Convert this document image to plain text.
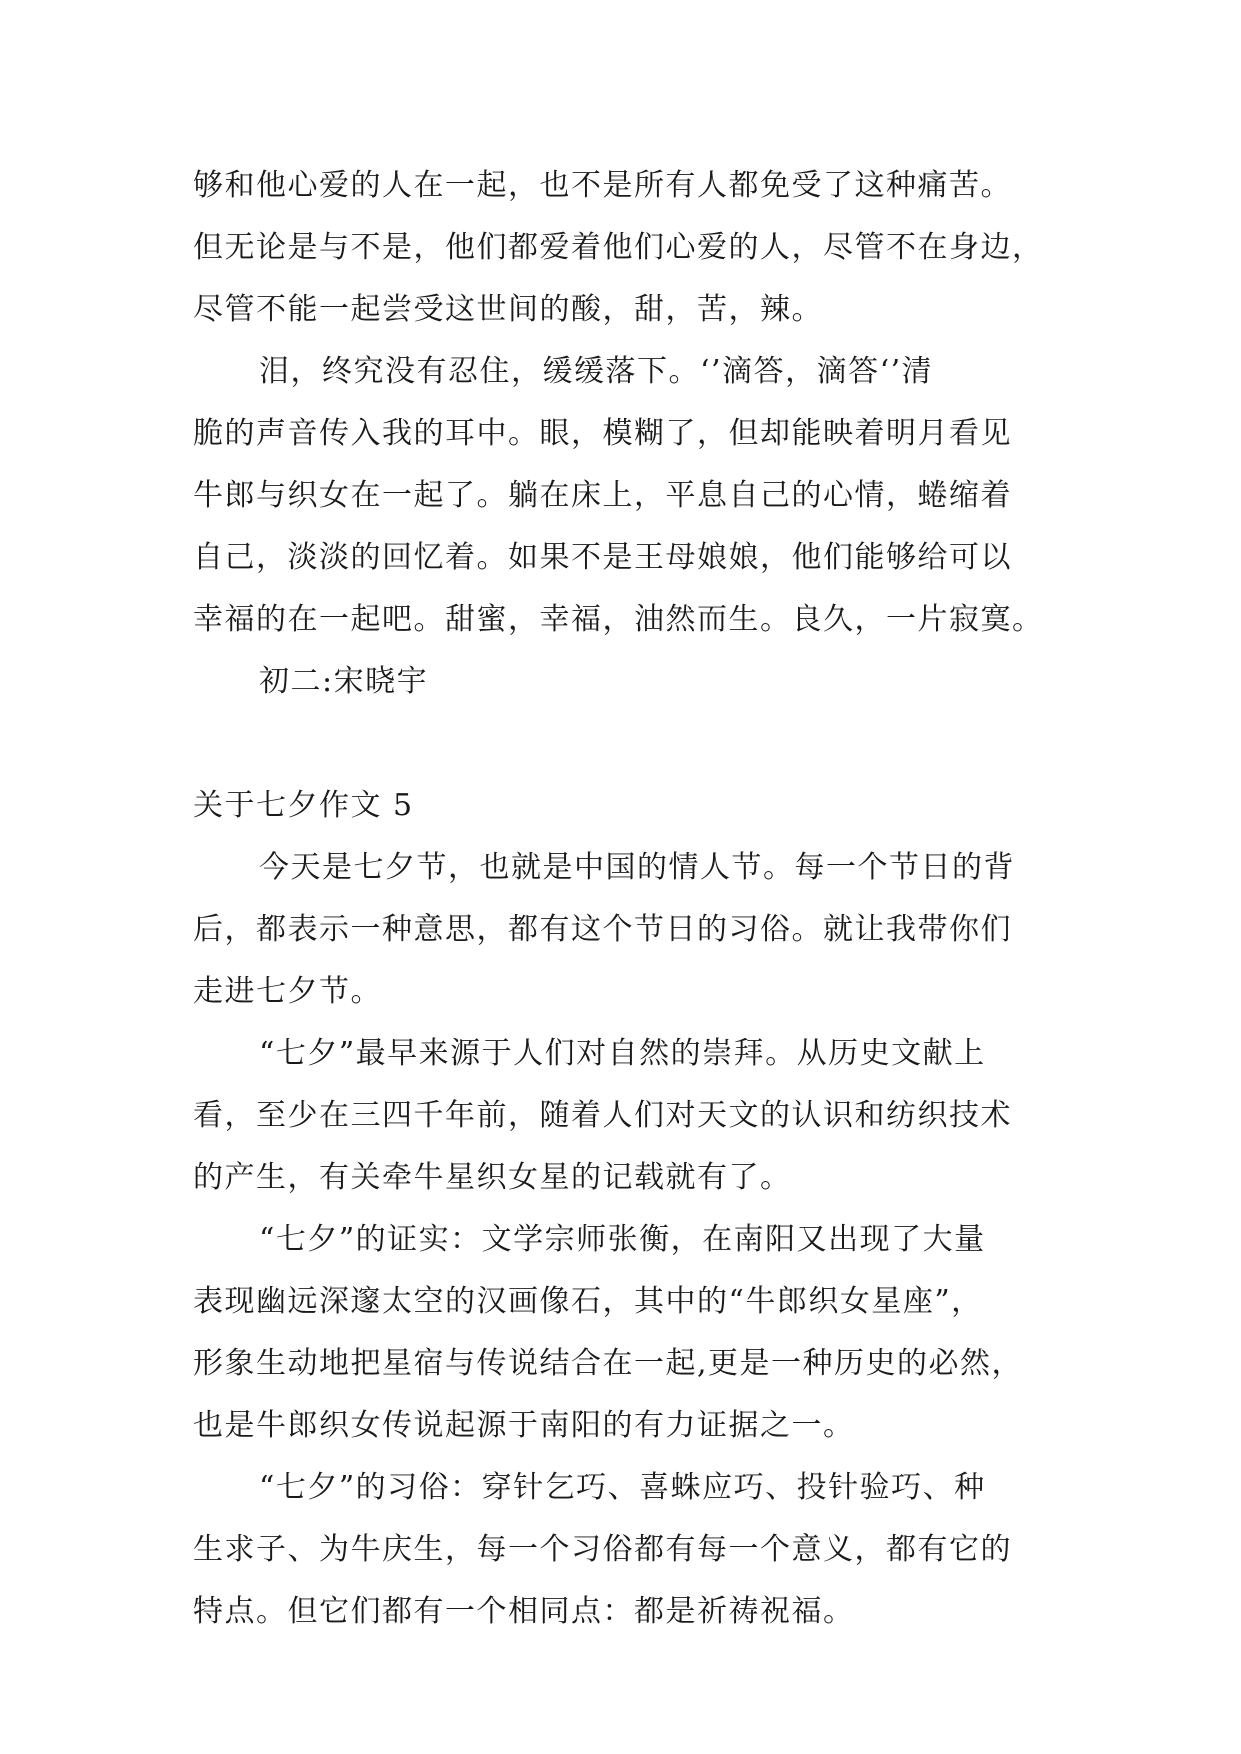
够和他心爱的人在一起，也不是所有人都免受了这种痛苦。
但无论是与不是，他们都爱着他们心爱的人，尽管不在身边，
尽管不能一起尝受这世间的酸，甜，苦，辣。
泪，终究没有忍住，缓缓落下。‘’滴答，滴答‘’清
脆的声音传入我的耳中。眼，模糊了，但却能映着明月看见
牛郎与织女在一起了。躺在床上，平息自己的心情，蜷缩着
自己，淡淡的回忆着。如果不是王母娘娘，他们能够给可以
幸福的在一起吧。甜蜜，幸福，油然而生。良久，一片寂寞。
初二:宋晓宇
关于七夕作文 5
今天是七夕节，也就是中国的情人节。每一个节日的背
后，都表示一种意思，都有这个节日的习俗。就让我带你们
走进七夕节。
“七夕”最早来源于人们对自然的崇拜。从历史文献上
看，至少在三四千年前，随着人们对天文的认识和纺织技术
的产生，有关牵牛星织女星的记载就有了。
“七夕”的证实：文学宗师张衡，在南阳又出现了大量
表现幽远深邃太空的汉画像石，其中的“牛郎织女星座”，
形象生动地把星宿与传说结合在一起,更是一种历史的必然，
也是牛郎织女传说起源于南阳的有力证据之一。
“七夕”的习俗：穿针乞巧、喜蛛应巧、投针验巧、种
生求子、为牛庆生，每一个习俗都有每一个意义，都有它的
特点。但它们都有一个相同点：都是祈祷祝福。
